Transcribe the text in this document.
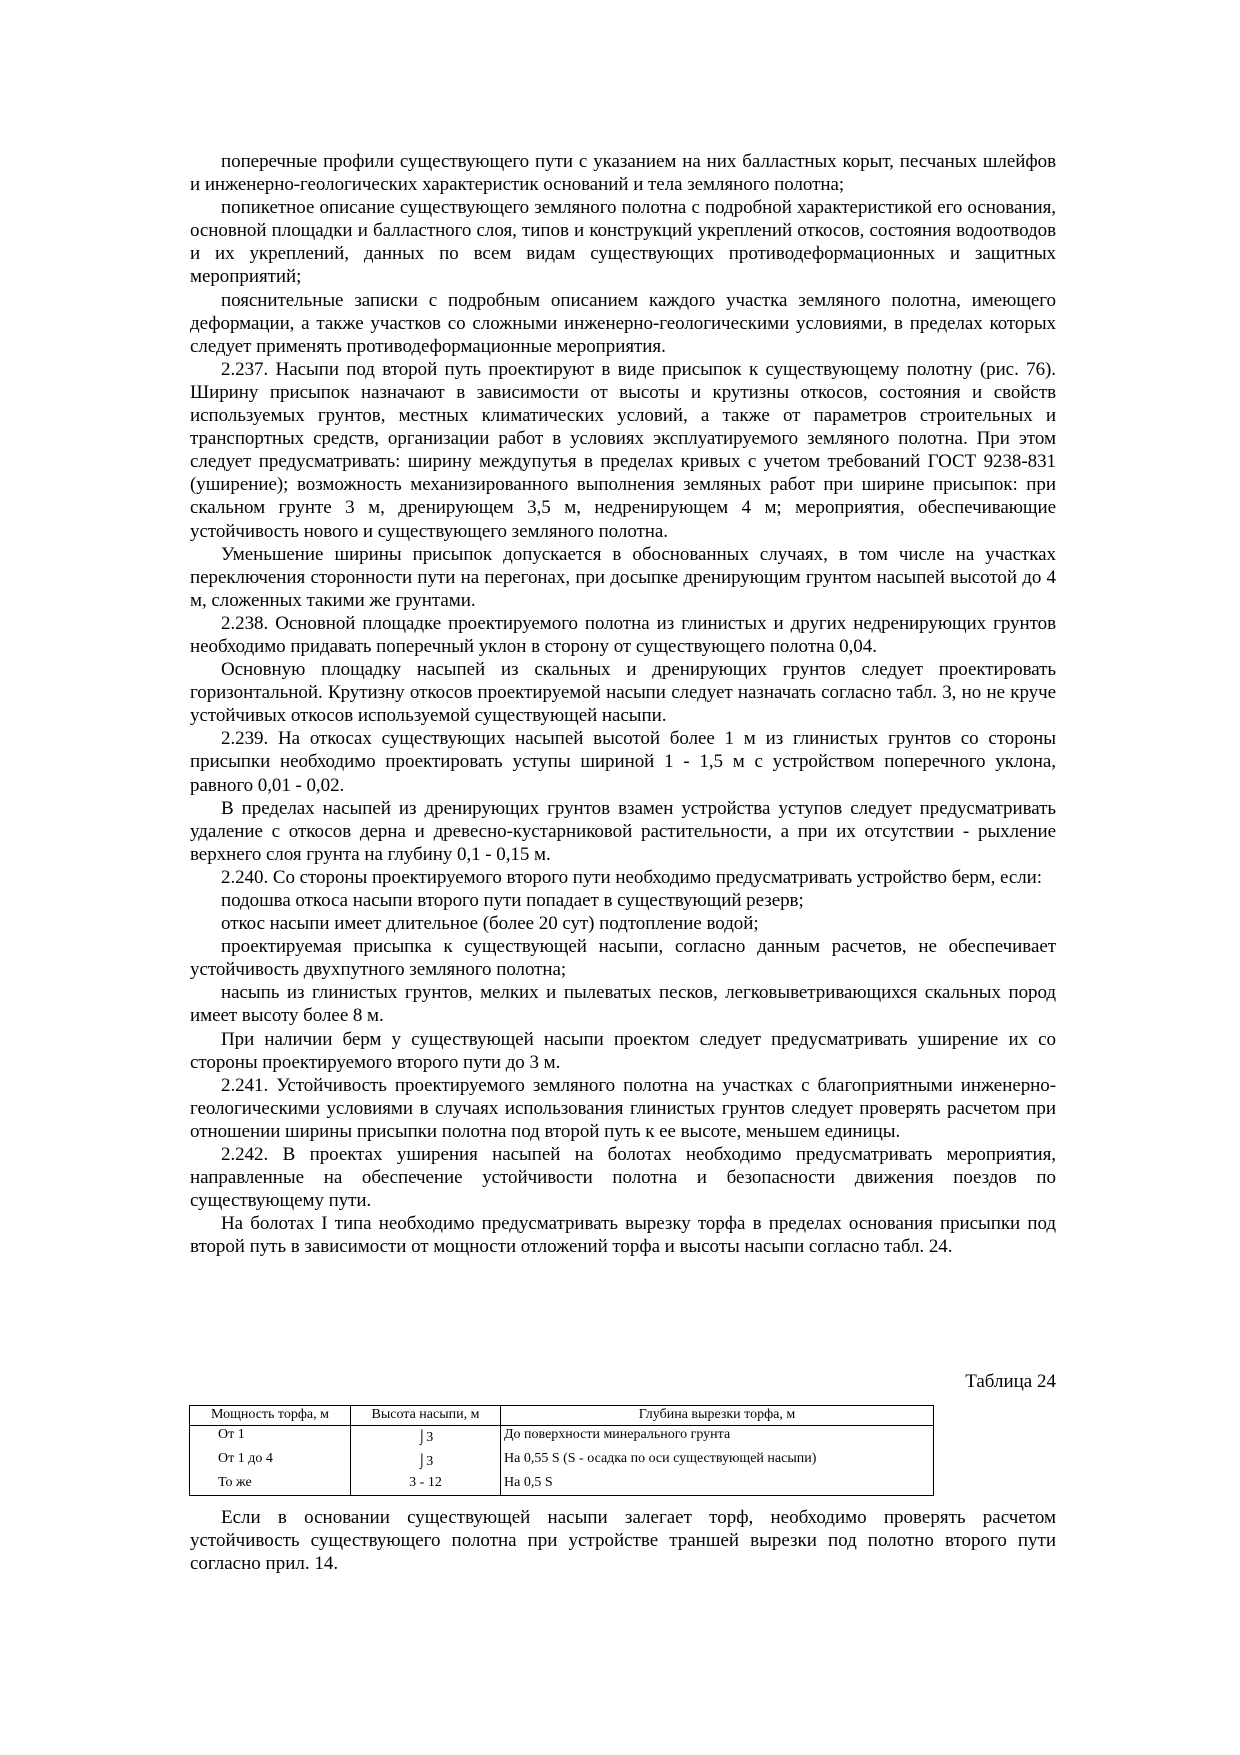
поперечные профили существующего пути с указанием на них балластных корыт, песчаных шлейфов и инженерно-геологических характеристик оснований и тела земляного полотна;

попикетное описание существующего земляного полотна с подробной характеристикой его основания, основной площадки и балластного слоя, типов и конструкций укреплений откосов, состояния водоотводов и их укреплений, данных по всем видам существующих противодеформационных и защитных мероприятий;

пояснительные записки с подробным описанием каждого участка земляного полотна, имеющего деформации, а также участков со сложными инженерно-геологическими условиями, в пределах которых следует применять противодеформационные мероприятия.

2.237. Насыпи под второй путь проектируют в виде присыпок к существующему полотну (рис. 76). Ширину присыпок назначают в зависимости от высоты и крутизны откосов, состояния и свойств используемых грунтов, местных климатических условий, а также от параметров строительных и транспортных средств, организации работ в условиях эксплуатируемого земляного полотна. При этом следует предусматривать: ширину междупутья в пределах кривых с учетом требований ГОСТ 9238-831 (уширение); возможность механизированного выполнения земляных работ при ширине присыпок: при скальном грунте 3 м, дренирующем 3,5 м, недренирующем 4 м; мероприятия, обеспечивающие устойчивость нового и существующего земляного полотна.

Уменьшение ширины присыпок допускается в обоснованных случаях, в том числе на участках переключения сторонности пути на перегонах, при досыпке дренирующим грунтом насыпей высотой до 4 м, сложенных такими же грунтами.

2.238. Основной площадке проектируемого полотна из глинистых и других недренирующих грунтов необходимо придавать поперечный уклон в сторону от существующего полотна 0,04.

Основную площадку насыпей из скальных и дренирующих грунтов следует проектировать горизонтальной. Крутизну откосов проектируемой насыпи следует назначать согласно табл. 3, но не круче устойчивых откосов используемой существующей насыпи.

2.239. На откосах существующих насыпей высотой более 1 м из глинистых грунтов со стороны присыпки необходимо проектировать уступы шириной 1 - 1,5 м с устройством поперечного уклона, равного 0,01 - 0,02.

В пределах насыпей из дренирующих грунтов взамен устройства уступов следует предусматривать удаление с откосов дерна и древесно-кустарниковой растительности, а при их отсутствии - рыхление верхнего слоя грунта на глубину 0,1 - 0,15 м.

2.240. Со стороны проектируемого второго пути необходимо предусматривать устройство берм, если:

подошва откоса насыпи второго пути попадает в существующий резерв;

откос насыпи имеет длительное (более 20 сут) подтопление водой;

проектируемая присыпка к существующей насыпи, согласно данным расчетов, не обеспечивает устойчивость двухпутного земляного полотна;

насыпь из глинистых грунтов, мелких и пылеватых песков, легковыветривающихся скальных пород имеет высоту более 8 м.

При наличии берм у существующей насыпи проектом следует предусматривать уширение их со стороны проектируемого второго пути до 3 м.

2.241. Устойчивость проектируемого земляного полотна на участках с благоприятными инженерно-геологическими условиями в случаях использования глинистых грунтов следует проверять расчетом при отношении ширины присыпки полотна под второй путь к ее высоте, меньшем единицы.

2.242. В проектах уширения насыпей на болотах необходимо предусматривать мероприятия, направленные на обеспечение устойчивости полотна и безопасности движения поездов по существующему пути.

На болотах I типа необходимо предусматривать вырезку торфа в пределах основания присыпки под второй путь в зависимости от мощности отложений торфа и высоты насыпи согласно табл. 24.

Таблица 24
Мощность торфа, м	Высота насыпи, м	Глубина вырезки торфа, м
От 1	⌡3	До поверхности минерального грунта
От 1 до 4	⌡3	На 0,55 S (S - осадка по оси существующей насыпи)
То же	3 - 12	На 0,5 S

Если в основании существующей насыпи залегает торф, необходимо проверять расчетом устойчивость существующего полотна при устройстве траншей вырезки под полотно второго пути согласно прил. 14.
